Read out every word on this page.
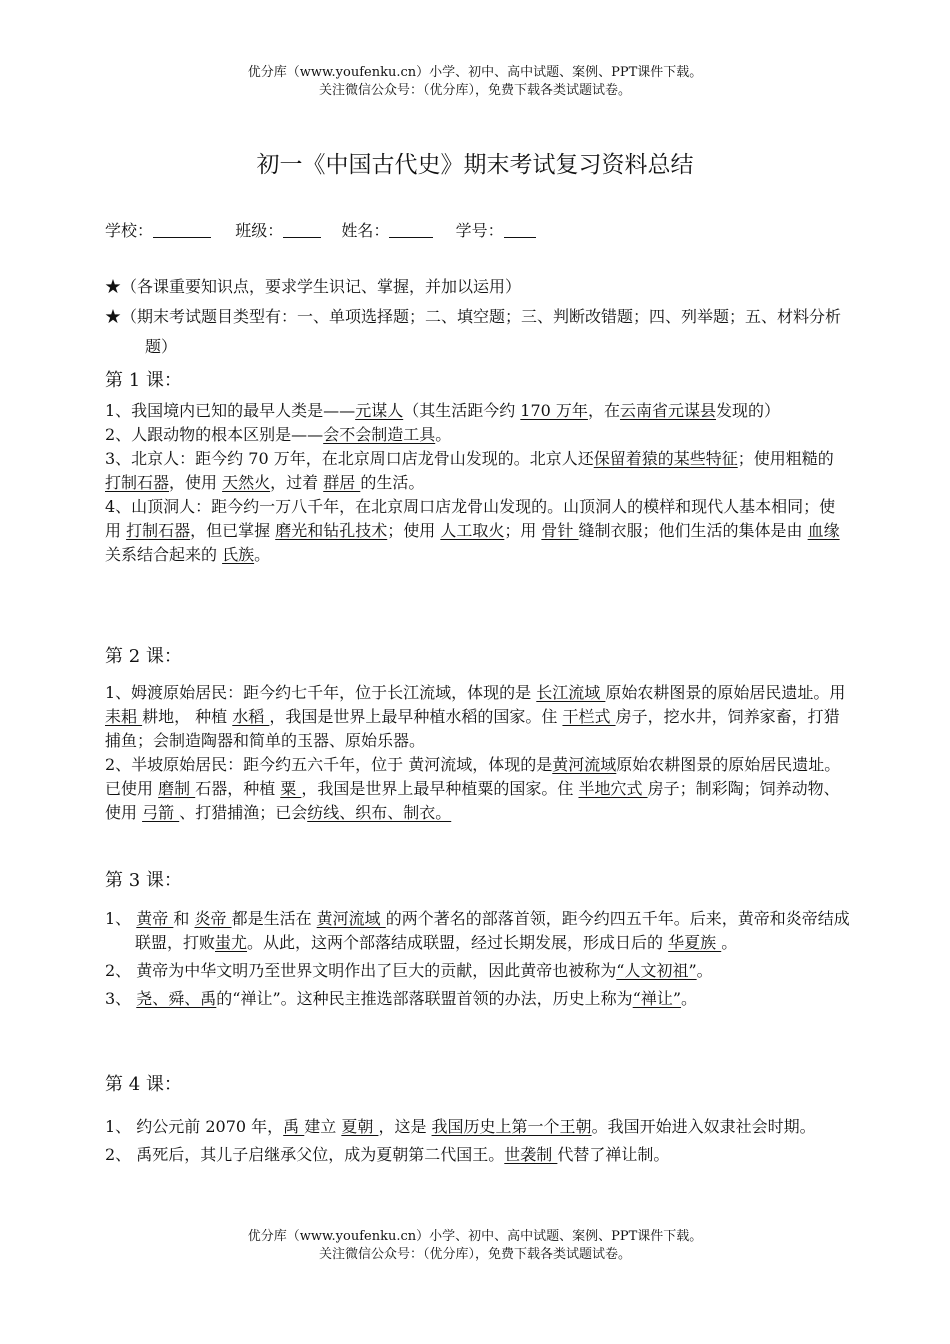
优分库（www.youfenku.cn）小学、初中、高中试题、案例、PPT课件下载。
关注微信公众号：（优分库），免费下载各类试题试卷。
初一《中国古代史》期末考试复习资料总结
学校：	班级：	姓名：	学号：

★（各课重要知识点，要求学生识记、掌握，并加以运用）

★（期末考试题目类型有：一、单项选择题；二、填空题；三、判断改错题；四、列举题；五、材料分析题）

第 1 课：

1、我国境内已知的最早人类是——元谋人（其生活距今约 170 万年，在云南省元谋县发现的）

2、人跟动物的根本区别是——会不会制造工具。

3、北京人：距今约 70 万年，在北京周口店龙骨山发现的。北京人还保留着猿的某些特征；使用粗糙的 打制石器，使用 天然火，过着 群居 的生活。

4、山顶洞人：距今约一万八千年，在北京周口店龙骨山发现的。山顶洞人的模样和现代人基本相同；使用 打制石器，但已掌握 磨光和钻孔技术；使用 人工取火；用 骨针 缝制衣服；他们生活的集体是由 血缘 关系结合起来的 氏族。

第 2 课：

1、姆渡原始居民：距今约七千年，位于长江流域，体现的是 长江流域 原始农耕图景的原始居民遗址。用 耒耜 耕地， 种植 水稻 ，我国是世界上最早种植水稻的国家。住 干栏式 房子，挖水井，饲养家畜，打猎捕鱼；会制造陶器和简单的玉器、原始乐器。

2、半坡原始居民：距今约五六千年，位于 黄河流域，体现的是黄河流域原始农耕图景的原始居民遗址。已使用 磨制 石器，种植 粟 ，我国是世界上最早种植粟的国家。住 半地穴式 房子；制彩陶；饲养动物、使用 弓箭 、打猎捕渔；已会纺线、织布、制衣。

第 3 课：

1、 黄帝 和 炎帝 都是生活在 黄河流域 的两个著名的部落首领，距今约四五千年。后来，黄帝和炎帝结成联盟，打败蚩尤。从此，这两个部落结成联盟，经过长期发展，形成日后的 华夏族 。

2、 黄帝为中华文明乃至世界文明作出了巨大的贡献，因此黄帝也被称为“人文初祖”。

3、 尧、舜、禹的“禅让”。这种民主推选部落联盟首领的办法，历史上称为“禅让”。

第 4 课：

1、 约公元前 2070 年，禹 建立 夏朝 ，这是 我国历史上第一个王朝。我国开始进入奴隶社会时期。

2、 禹死后，其儿子启继承父位，成为夏朝第二代国王。世袭制 代替了禅让制。

优分库（www.youfenku.cn）小学、初中、高中试题、案例、PPT课件下载。
关注微信公众号：（优分库），免费下载各类试题试卷。
